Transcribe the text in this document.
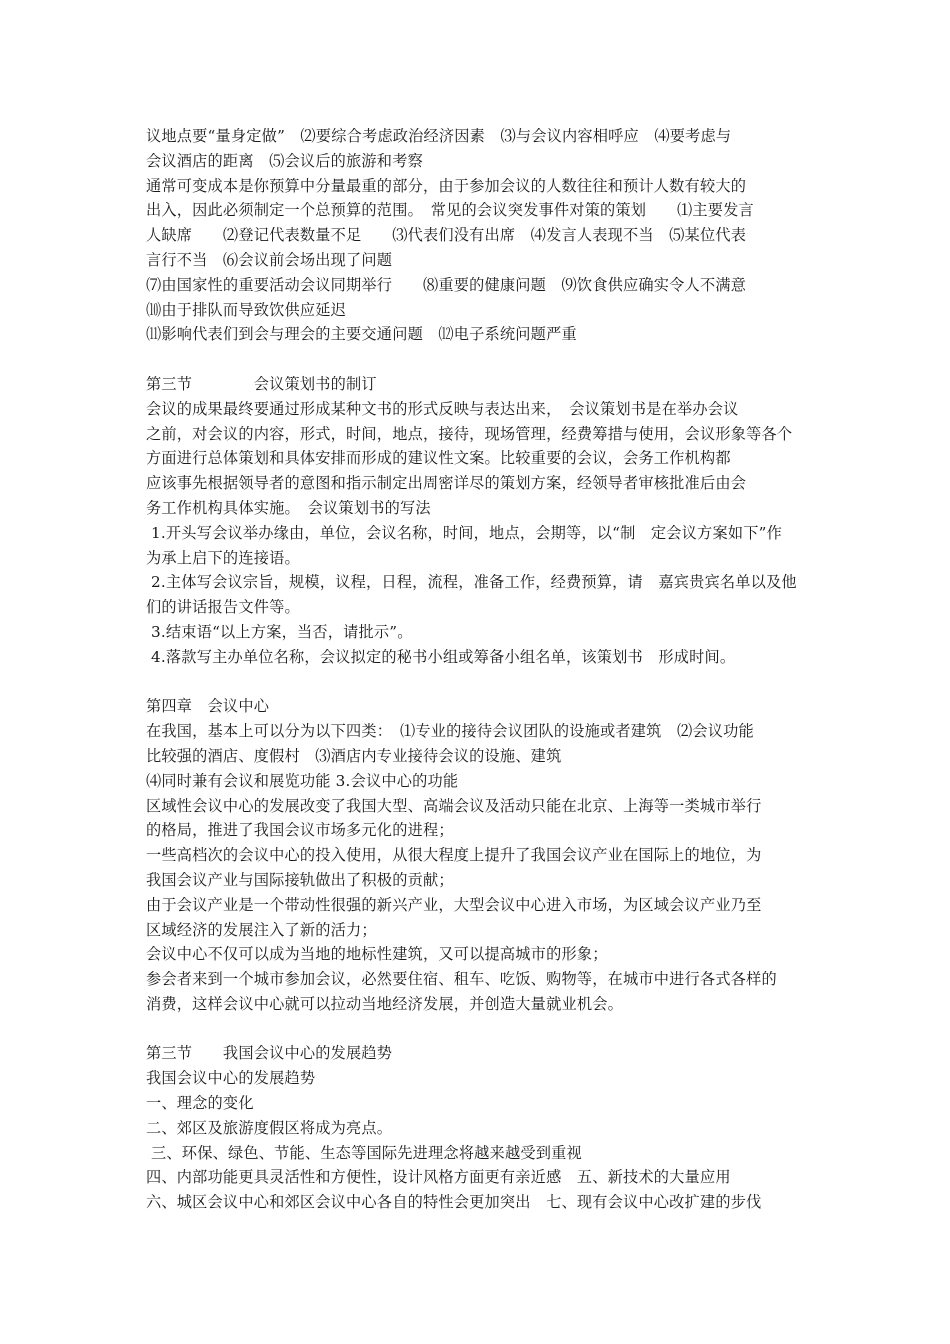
议地点要“量身定做”　⑵要综合考虑政治经济因素　⑶与会议内容相呼应　⑷要考虑与
会议酒店的距离　⑸会议后的旅游和考察
通常可变成本是你预算中分量最重的部分，由于参加会议的人数往往和预计人数有较大的
出入，因此必须制定一个总预算的范围。　常见的会议突发事件对策的策划　　⑴主要发言
人缺席　　⑵登记代表数量不足　　⑶代表们没有出席　⑷发言人表现不当　⑸某位代表
言行不当　⑹会议前会场出现了问题
⑺由国家性的重要活动会议同期举行　　⑻重要的健康问题　⑼饮食供应确实令人不满意
⑽由于排队而导致饮供应延迟
⑾影响代表们到会与理会的主要交通问题　⑿电子系统问题严重
第三节　　　　会议策划书的制订
会议的成果最终要通过形成某种文书的形式反映与表达出来，　会议策划书是在举办会议
之前，对会议的内容，形式，时间，地点，接待，现场管理，经费筹措与使用，会议形象等各个
方面进行总体策划和具体安排而形成的建议性文案。比较重要的会议，会务工作机构都
应该事先根据领导者的意图和指示制定出周密详尽的策划方案，经领导者审核批准后由会
务工作机构具体实施。　会议策划书的写法
1.开头写会议举办缘由，单位，会议名称，时间，地点，会期等，以“制　定会议方案如下”作
为承上启下的连接语。
2.主体写会议宗旨，规模，议程，日程，流程，准备工作，经费预算，请　嘉宾贵宾名单以及他
们的讲话报告文件等。
3.结束语“以上方案，当否，请批示”。
4.落款写主办单位名称，会议拟定的秘书小组或筹备小组名单，该策划书　形成时间。
第四章　会议中心
在我国，基本上可以分为以下四类：　⑴专业的接待会议团队的设施或者建筑　⑵会议功能
比较强的酒店、度假村　⑶酒店内专业接待会议的设施、建筑
⑷同时兼有会议和展览功能 3.会议中心的功能
区域性会议中心的发展改变了我国大型、高端会议及活动只能在北京、上海等一类城市举行
的格局，推进了我国会议市场多元化的进程；
一些高档次的会议中心的投入使用，从很大程度上提升了我国会议产业在国际上的地位，为
我国会议产业与国际接轨做出了积极的贡献；
由于会议产业是一个带动性很强的新兴产业，大型会议中心进入市场，为区域会议产业乃至
区域经济的发展注入了新的活力；
会议中心不仅可以成为当地的地标性建筑，又可以提高城市的形象；
参会者来到一个城市参加会议，必然要住宿、租车、吃饭、购物等，在城市中进行各式各样的
消费，这样会议中心就可以拉动当地经济发展，并创造大量就业机会。
第三节　　我国会议中心的发展趋势
我国会议中心的发展趋势
一、理念的变化
二、郊区及旅游度假区将成为亮点。
三、环保、绿色、节能、生态等国际先进理念将越来越受到重视
四、内部功能更具灵活性和方便性，设计风格方面更有亲近感　五、新技术的大量应用
六、城区会议中心和郊区会议中心各自的特性会更加突出　七、现有会议中心改扩建的步伐
